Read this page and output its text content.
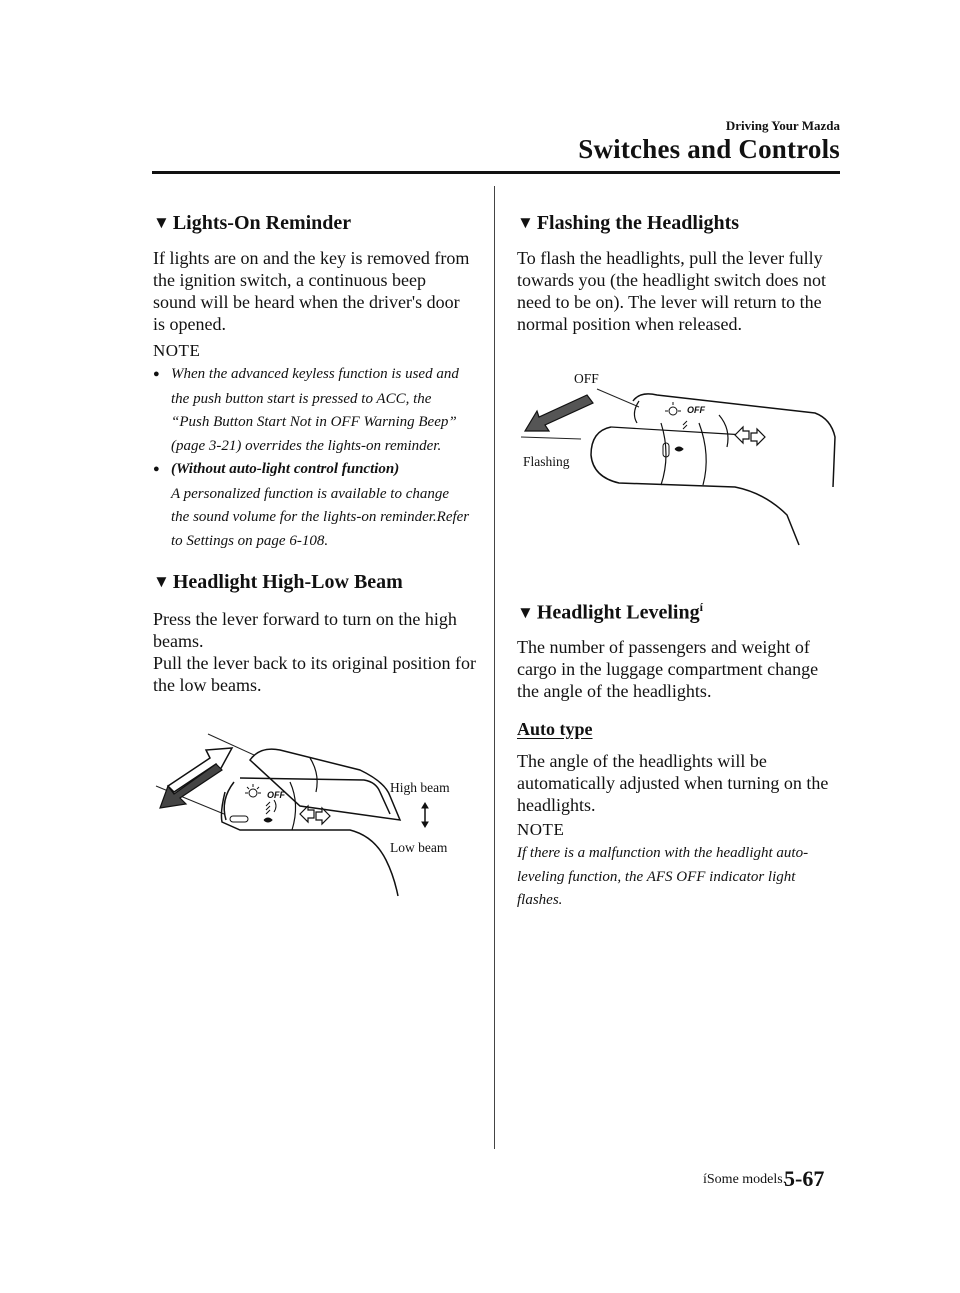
Driving Your Mazda
Switches and Controls
▼ Lights-On Reminder
If lights are on and the key is removed from the ignition switch, a continuous beep sound will be heard when the driver's door is opened.
NOTE
● When the advanced keyless function is used and the push button start is pressed to ACC, the “Push Button Start Not in OFF Warning Beep” (page 3-21) overrides the lights-on reminder.
● (Without auto-light control function)
A personalized function is available to change the sound volume for the lights-on reminder.Refer to Settings on page 6-108.
▼ Headlight High-Low Beam
Press the lever forward to turn on the high beams.
Pull the lever back to its original position for the low beams.
OFF	High beam
Low beam
▼ Flashing the Headlights
To flash the headlights, pull the lever fully towards you (the headlight switch does not need to be on). The lever will return to the normal position when released.
OFF
OFF
Flashing
▼ Headlight Leveling$^í$
The number of passengers and weight of cargo in the luggage compartment change the angle of the headlights.
Auto type
The angle of the headlights will be automatically adjusted when turning on the headlights.
NOTE
If there is a malfunction with the headlight auto-leveling function, the AFS OFF indicator light flashes.
íSome models.
5-67
